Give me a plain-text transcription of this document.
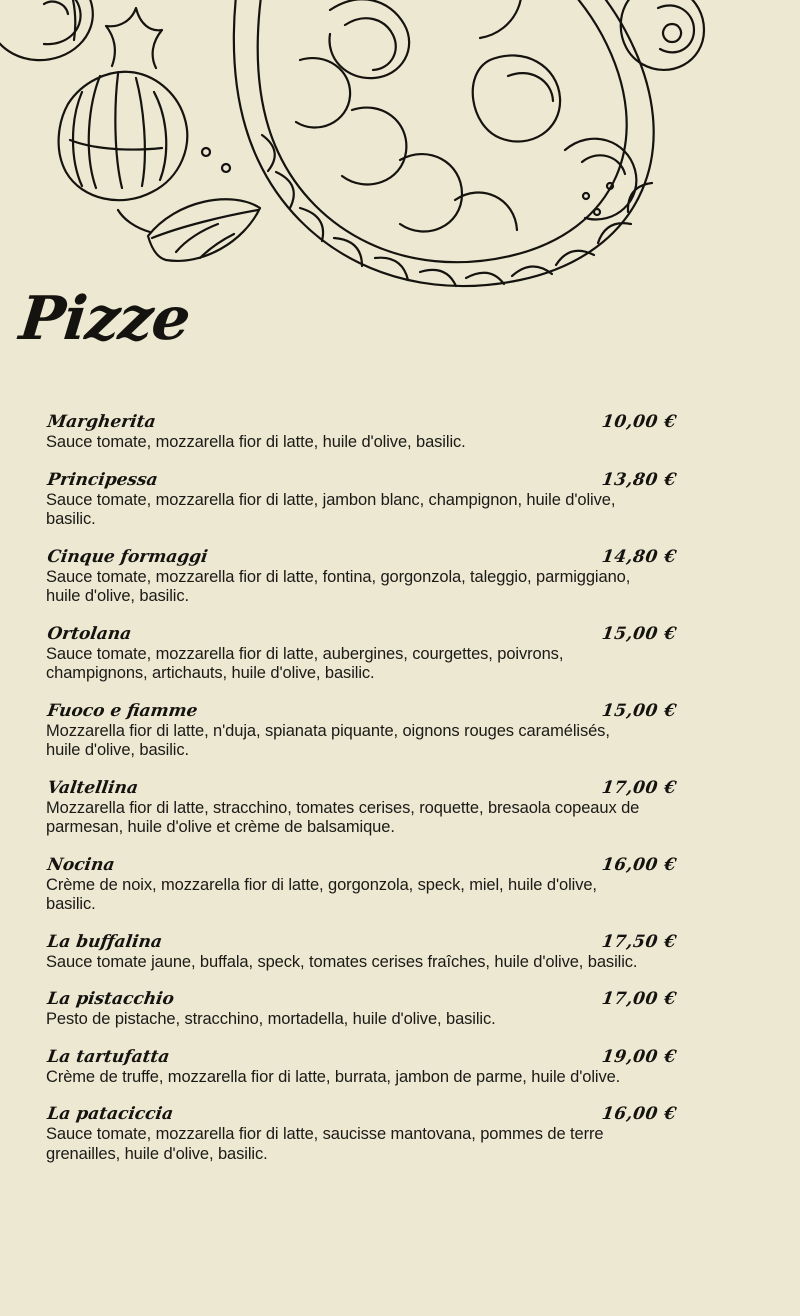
Pizze
Margherita	10,00 €
Sauce tomate, mozzarella fior di latte, huile d'olive, basilic.
Principessa	13,80 €
Sauce tomate, mozzarella fior di latte, jambon blanc, champignon, huile d'olive, basilic.
Cinque formaggi	14,80 €
Sauce tomate, mozzarella fior di latte, fontina, gorgonzola, taleggio, parmiggiano, huile d'olive, basilic.
Ortolana	15,00 €
Sauce tomate, mozzarella fior di latte, aubergines, courgettes, poivrons, champignons, artichauts, huile d'olive, basilic.
Fuoco e fiamme	15,00 €
Mozzarella fior di latte, n'duja, spianata piquante, oignons rouges caramélisés, huile d'olive, basilic.
Valtellina	17,00 €
Mozzarella fior di latte, stracchino, tomates cerises, roquette, bresaola copeaux de parmesan, huile d'olive et crème de balsamique.
Nocina	16,00 €
Crème de noix, mozzarella fior di latte, gorgonzola, speck, miel, huile d'olive, basilic.
La buffalina	17,50 €
Sauce tomate jaune, buffala, speck, tomates cerises fraîches, huile d'olive, basilic.
La pistacchio	17,00 €
Pesto de pistache, stracchino, mortadella, huile d'olive, basilic.
La tartufatta	19,00 €
Crème de truffe, mozzarella fior di latte, burrata, jambon de parme, huile d'olive.
La pataciccia	16,00 €
Sauce tomate, mozzarella fior di latte, saucisse mantovana, pommes de terre grenailles, huile d'olive, basilic.
